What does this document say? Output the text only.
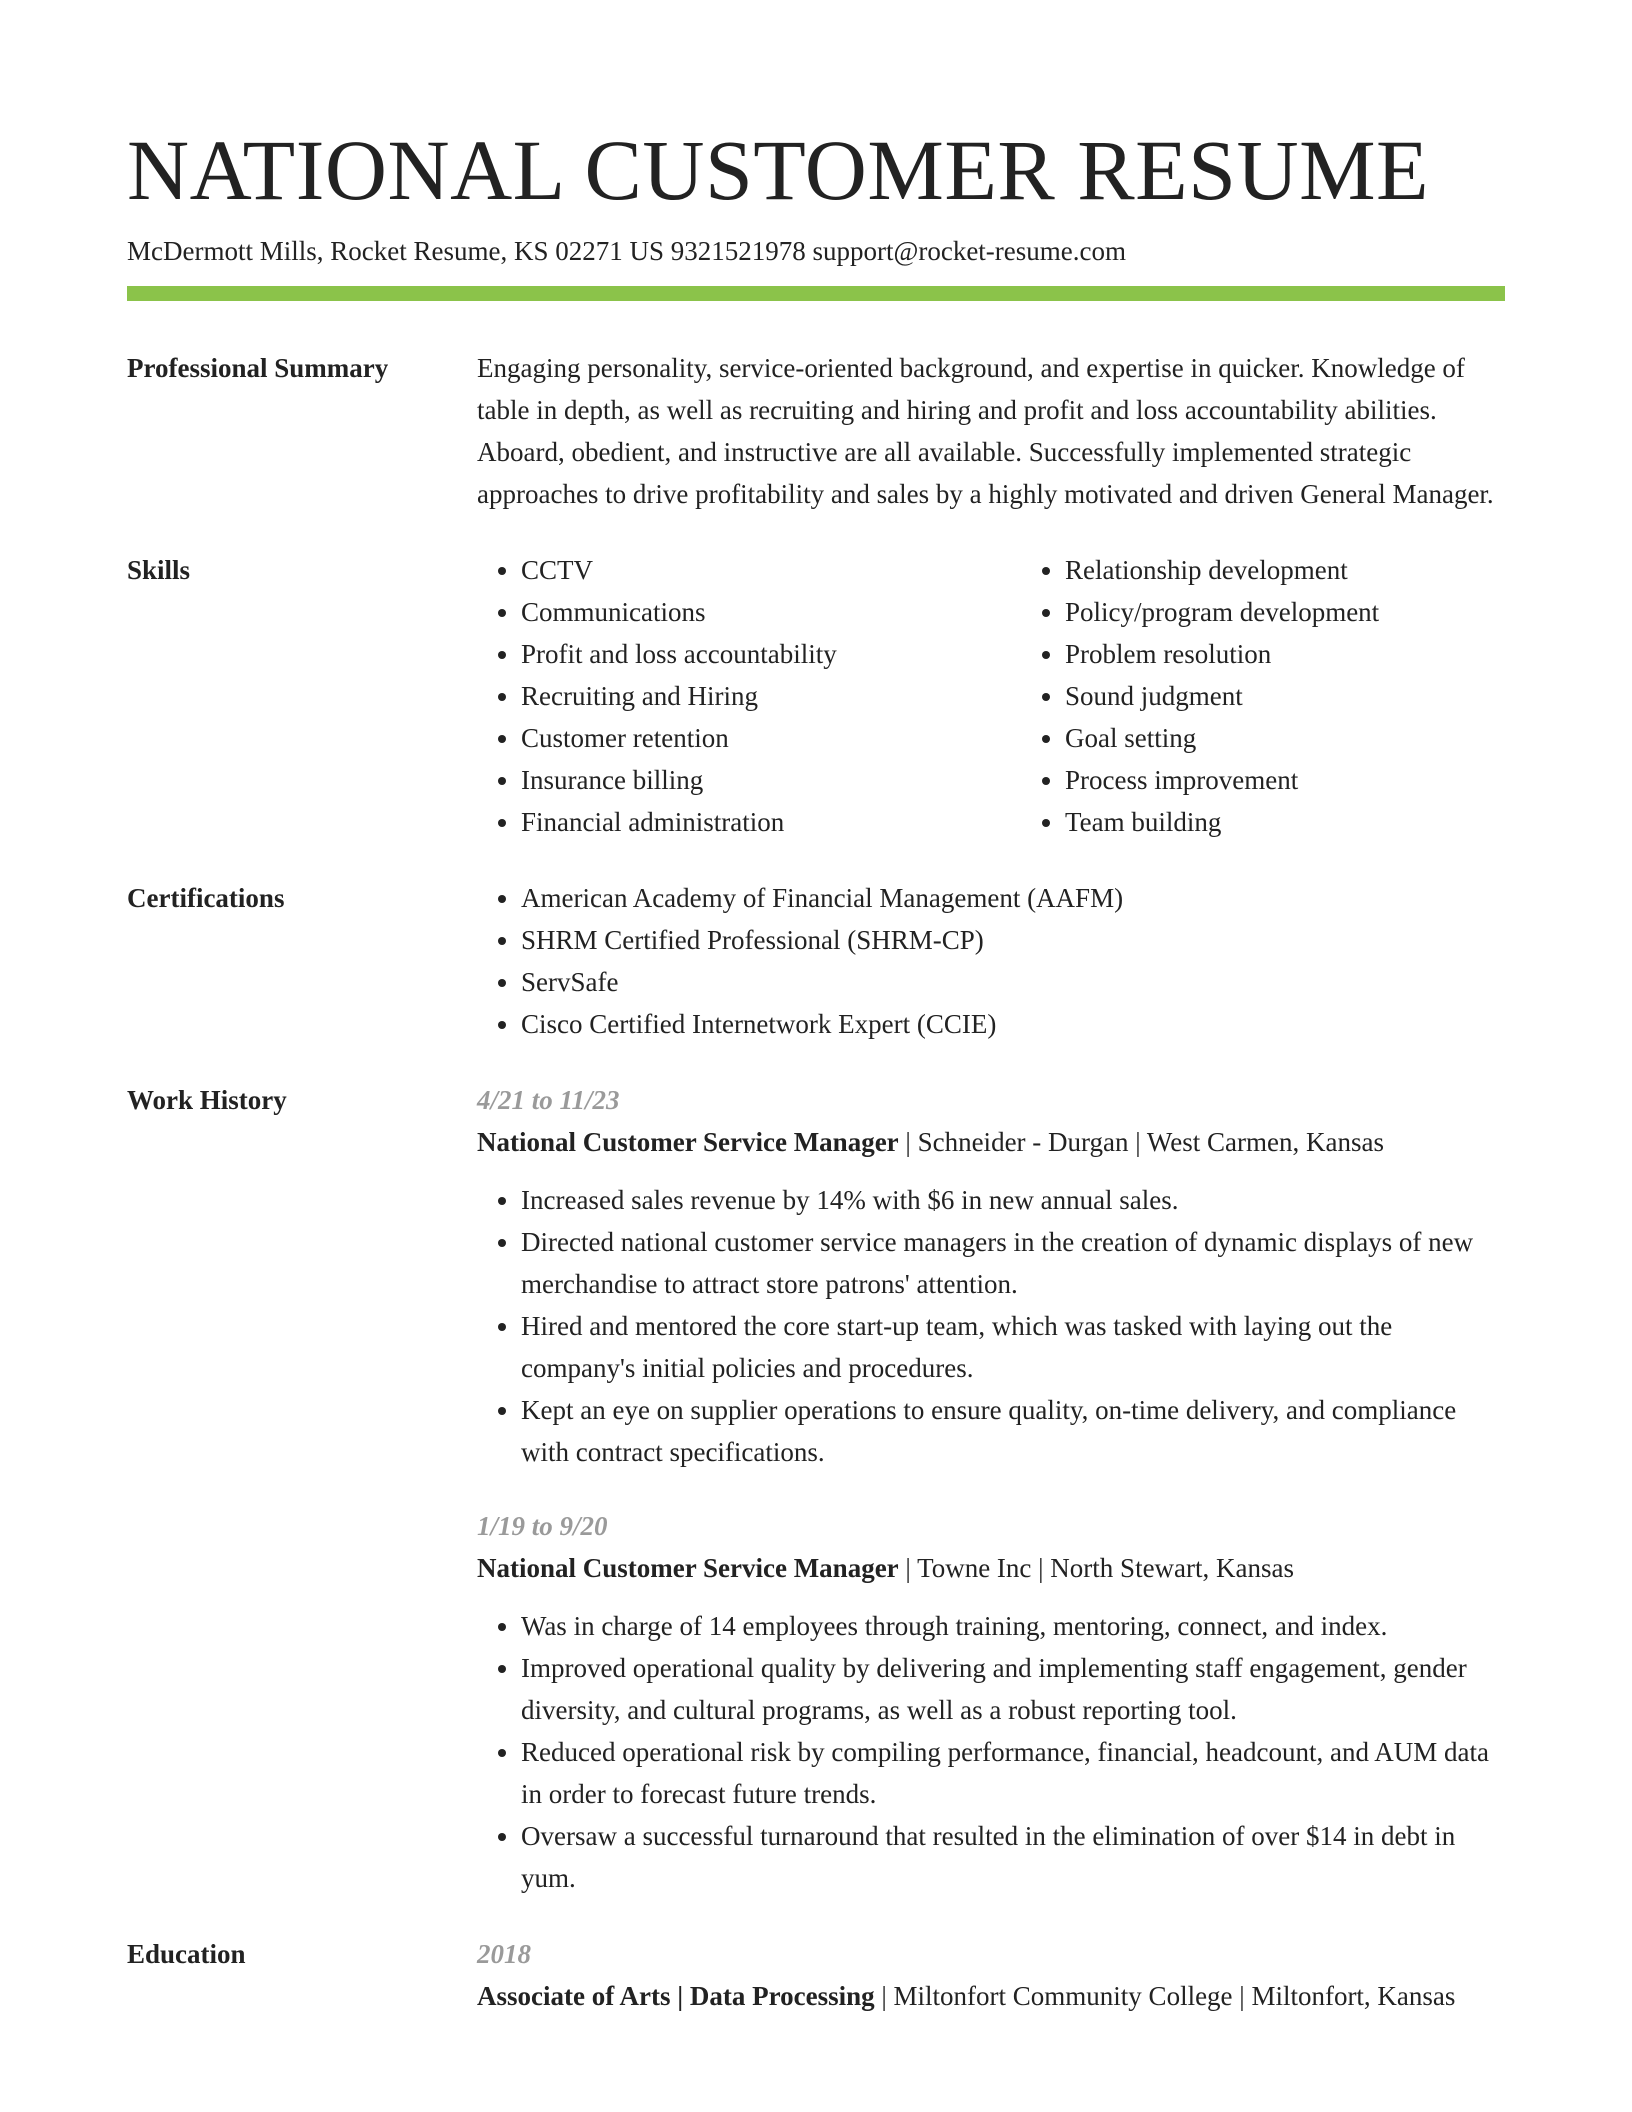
NATIONAL CUSTOMER RESUME
McDermott Mills, Rocket Resume, KS 02271 US 9321521978 support@rocket-resume.com
Professional Summary	Engaging personality, service-oriented background, and expertise in quicker. Knowledge of table in depth, as well as recruiting and hiring and profit and loss accountability abilities. Aboard, obedient, and instructive are all available. Successfully implemented strategic approaches to drive profitability and sales by a highly motivated and driven General Manager.
Skills	• CCTV
• Communications
• Profit and loss accountability
• Recruiting and Hiring
• Customer retention
• Insurance billing
• Financial administration
• Relationship development
• Policy/program development
• Problem resolution
• Sound judgment
• Goal setting
• Process improvement
• Team building
Certifications	• American Academy of Financial Management (AAFM)
• SHRM Certified Professional (SHRM-CP)
• ServSafe
• Cisco Certified Internetwork Expert (CCIE)
Work History	4/21 to 11/23
National Customer Service Manager | Schneider - Durgan | West Carmen, Kansas
• Increased sales revenue by 14% with $6 in new annual sales.
• Directed national customer service managers in the creation of dynamic displays of new merchandise to attract store patrons' attention.
• Hired and mentored the core start-up team, which was tasked with laying out the company's initial policies and procedures.
• Kept an eye on supplier operations to ensure quality, on-time delivery, and compliance with contract specifications.
1/19 to 9/20
National Customer Service Manager | Towne Inc | North Stewart, Kansas
• Was in charge of 14 employees through training, mentoring, connect, and index.
• Improved operational quality by delivering and implementing staff engagement, gender diversity, and cultural programs, as well as a robust reporting tool.
• Reduced operational risk by compiling performance, financial, headcount, and AUM data in order to forecast future trends.
• Oversaw a successful turnaround that resulted in the elimination of over $14 in debt in yum.
Education	2018
Associate of Arts | Data Processing | Miltonfort Community College | Miltonfort, Kansas
